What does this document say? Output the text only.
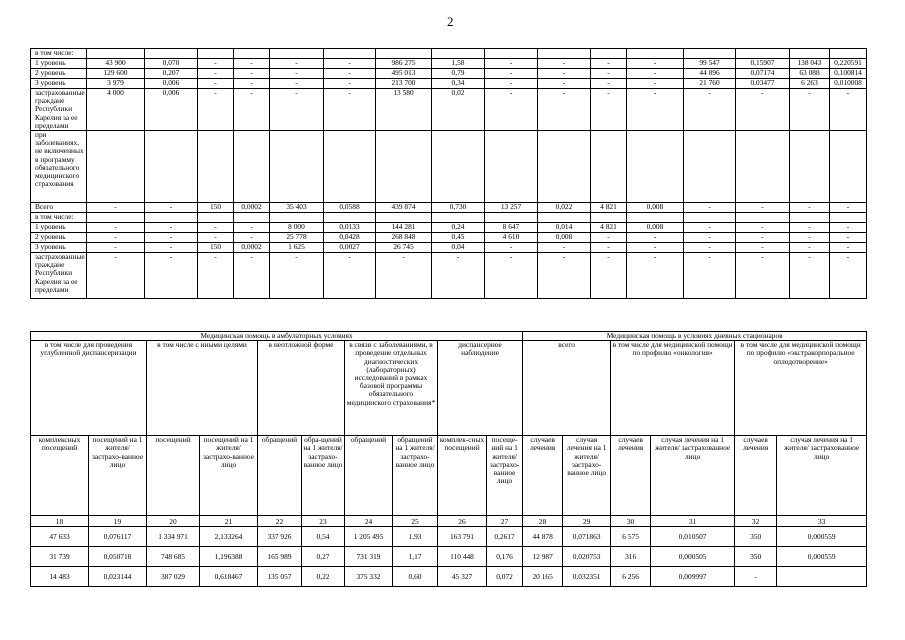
2
в том числе:																
1 уровень	43 900	0,070	-	-	-	-	986 275	1,58	-	-	-	-	99 547	0,15907	138 043	0,220591
2 уровень	129 600	0,207	-	-	-	-	495 013	0,79	-	-	-	-	44 896	0,07174	63 088	0,100814
3 уровень	3 979	0,006	-	-	-	-	213 700	0,34	-	-	-	-	21 760	0,03477	6 263	0,010008
застрахованные граждане Республики Карелия за ее пределами	4 000	0,006	-	-	-	-	13 580	0,02	-	-	-	-	-	-	-	-
при заболеваниях, не включенных в программу обязательного медицинского страхования																
Всего	-	-	150	0,0002	35 403	0,0588	439 874	0,730	13 257	0,022	4 821	0,008	-	-	-	-
в том числе:																
1 уровень	-	-	-	-	8 000	0,0133	144 281	0,24	8 647	0,014	4 821	0,008	-	-	-	-
2 уровень	-	-	-	-	25 778	0,0428	268 848	0,45	4 610	0,008	-	-	-	-	-	-
3 уровень	-	-	150	0,0002	1 625	0,0027	26 745	0,04	-	-	-	-	-	-	-	-
застрахованные граждане Республики Карелия за ее пределами	-	-	-	-	-	-	-	-	-	-	-	-	-	-	-	-
Медицинская помощь в амбулаторных условиях										Медицинская помощь в условиях дневных стационаров					
в том числе для проведения углубленной диспансеризации		в том числе с иными целями		в неотложной форме		в связи с заболеваниями, в проведение отдельных диагностических (лабораторных) исследований в рамках базовой программы обязательного медицинского страхования*		диспансерное наблюдение		всего		в том числе для медицинской помощи по профилю «онкология»		в том числе для медицинской помощи по профилю «экстракорпоральное оплодотворение»	
комплексных посещений	посещений на 1 жителя/ застрахо-ванное лицо	посещений	посещений на 1 жителя/ застрахо-ванное лицо	обращений	обра-щений на 1 жителя/ застрахо-ванное лицо	обращений	обращений на 1 жителя/ застрахо-ванное лицо	комплек-сных посещений	посеще-ний на 1 жителя/ застрахо-ванное лицо	случаев лечения	случая лечения на 1 жителя/ застрахо-ванное лицо	случаев лечения	случая лечения на 1 жителя/ застрахованное лицо	случаев лечения	случая лечения на 1 жителя/ застрахованное лицо
18	19	20	21	22	23	24	25	26	27	28	29	30	31	32	33
47 633	0,076117	1 334 971	2,133264	337 926	0,54	1 205 495	1,93	163 791	0,2617	44 878	0,071863	6 575	0,010507	350	0,000559
31 739	0,050718	748 685	1,196388	165 989	0,27	731 319	1,17	110 448	0,176	12 987	0,020753	316	0,000505	350	0,000559
14 483	0,023144	387 029	0,618467	135 057	0,22	375 332	0,60	45 327	0,072	20 165	0,032351	6 256	0,009997	-	
